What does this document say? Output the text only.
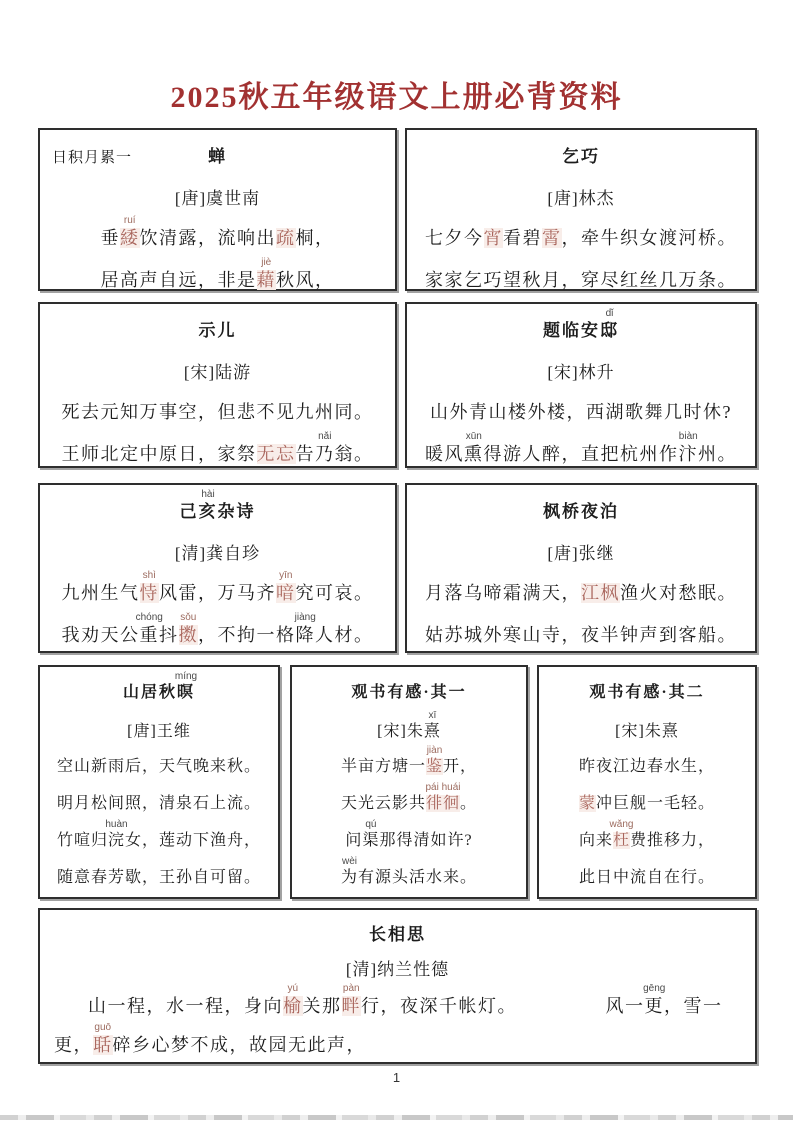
2025秋五年级语文上册必背资料
日积月累一	蝉
[唐]虞世南
垂緌
ruí
饮清露，流响出疏桐，
居高声自远，非是藉
jiè
秋风，
乞巧
[唐]林杰
七夕今宵看碧霄，牵牛织女渡河桥。
家家乞巧望秋月，穿尽红丝几万条。
示儿
[宋]陆游
死去元知万事空，但悲不见九州同。
王师北定中原日，家祭无忘告乃
nǎi
翁。
题临安邸
dǐ
[宋]林升
山外青山楼外楼，西湖歌舞几时休?
暖风熏
xūn
得游人醉，直把杭州作汴
biàn
州。
己亥
hài
杂诗
[清]龚自珍
九州生气恃
shì
风雷，万马齐喑
yīn
究可哀。
我劝天公重
chóng
抖擞
sǒu
，不拘一格降
jiàng
人材。
枫桥夜泊
[唐]张继
月落乌啼霜满天，江枫渔火对愁眠。
姑苏城外寒山寺，夜半钟声到客船。
山居秋暝
míng
[唐]王维
空山新雨后，天气晚来秋。
明月松间照，清泉石上流。
竹喧归浣
huàn
女，莲动下渔舟，
随意春芳歇，王孙自可留。
观书有感·其一
[宋]朱熹
xī
半亩方塘一鉴
jiàn
开，
天光云影共徘徊
pái huái
。
问渠
qú
那得清如许?
为
wèi
有源头活水来。
观书有感·其二
[宋]朱熹
昨夜江边春水生，
蒙冲巨舰一毛轻。
向来枉
wǎng
费推移力，
此日中流自在行。
长相思
[清]纳兰性德
山一程，水一程，身向榆
yú
关那畔
pàn
行，夜深千帐灯。　　　　　	风一更
gēng
，雪一
更，聒
guō
碎乡心梦不成，故园无此声，
1
